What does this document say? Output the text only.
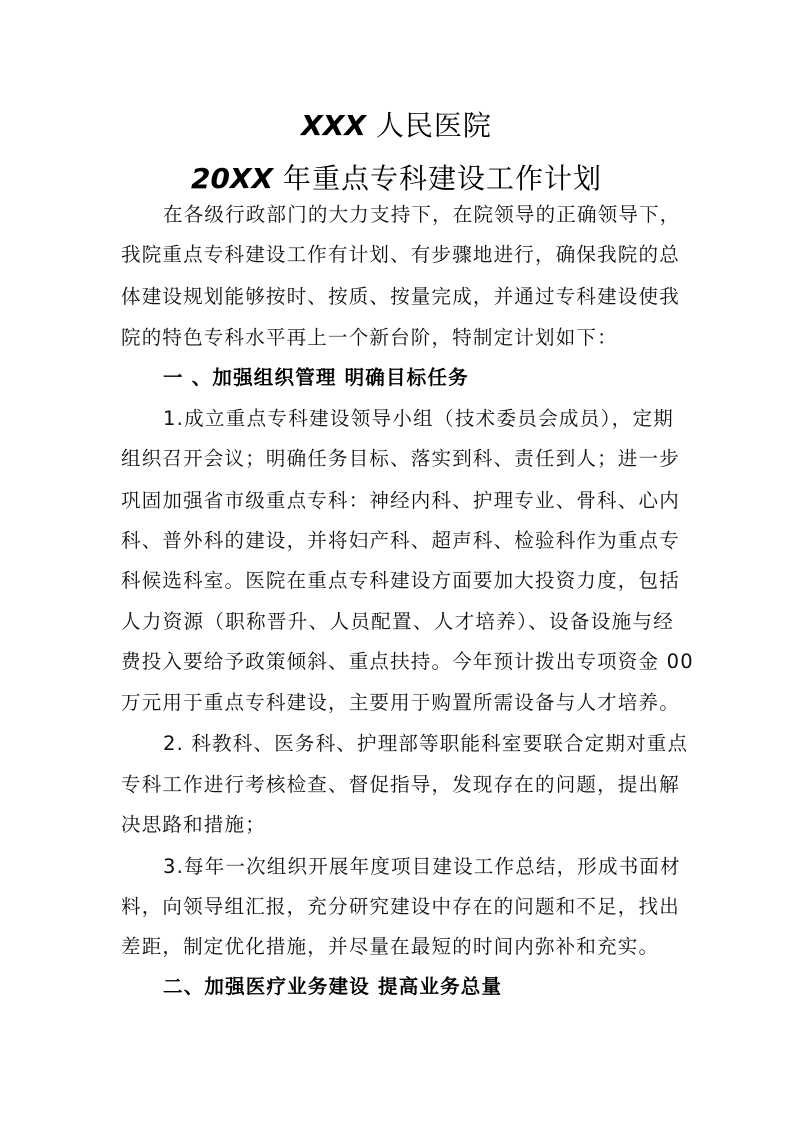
XXX 人民医院
20XX 年重点专科建设工作计划
在各级行政部门的大力支持下，在院领导的正确领导下，
我院重点专科建设工作有计划、有步骤地进行，确保我院的总
体建设规划能够按时、按质、按量完成，并通过专科建设使我
院的特色专科水平再上一个新台阶，特制定计划如下：
一 、加强组织管理 明确目标任务
1.成立重点专科建设领导小组（技术委员会成员），定期
组织召开会议；明确任务目标、落实到科、责任到人；进一步
巩固加强省市级重点专科：神经内科、护理专业、骨科、心内
科、普外科的建设，并将妇产科、超声科、检验科作为重点专
科候选科室。医院在重点专科建设方面要加大投资力度，包括
人力资源（职称晋升、人员配置、人才培养）、设备设施与经
费投入要给予政策倾斜、重点扶持。今年预计拨出专项资金 00
万元用于重点专科建设，主要用于购置所需设备与人才培养。
2. 科教科、医务科、护理部等职能科室要联合定期对重点
专科工作进行考核检查、督促指导，发现存在的问题，提出解
决思路和措施；
3.每年一次组织开展年度项目建设工作总结，形成书面材
料，向领导组汇报，充分研究建设中存在的问题和不足，找出
差距，制定优化措施，并尽量在最短的时间内弥补和充实。
二、加强医疗业务建设 提高业务总量
